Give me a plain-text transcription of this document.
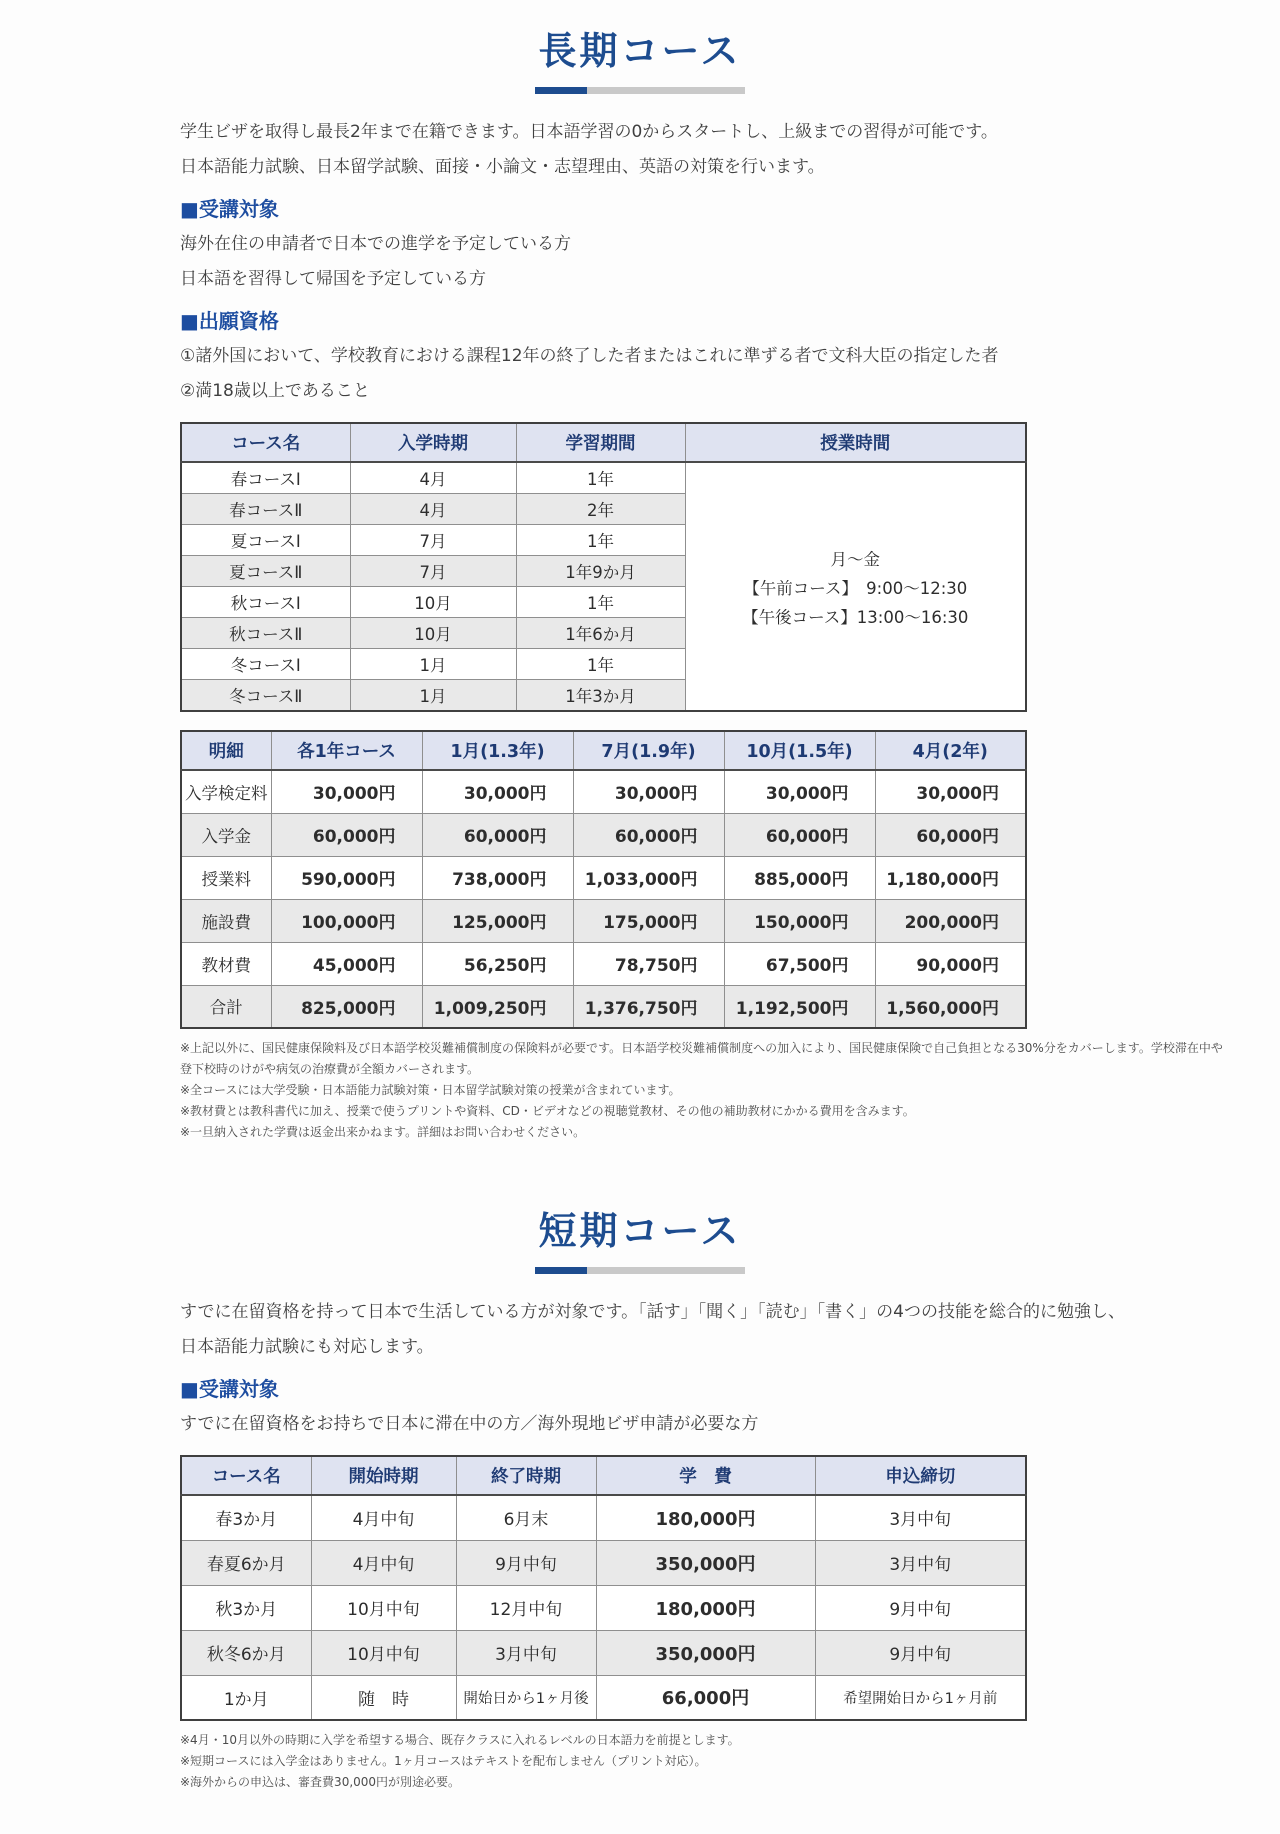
長期コース

学生ビザを取得し最長2年まで在籍できます。日本語学習の0からスタートし、上級までの習得が可能です。

日本語能力試験、日本留学試験、面接・小論文・志望理由、英語の対策を行います。

■受講対象

海外在住の申請者で日本での進学を予定している方

日本語を習得して帰国を予定している方

■出願資格

①諸外国において、学校教育における課程12年の終了した者またはこれに準ずる者で文科大臣の指定した者

②満18歳以上であること

コース名	入学時期	学習期間	授業時間
春コースⅠ	4月	1年	月～金
【午前コース】　9:00～12:30
【午後コース】13:00～16:30

春コースⅡ	4月	2年	
夏コースⅠ	7月	1年	
夏コースⅡ	7月	1年9か月	
秋コースⅠ	10月	1年	
秋コースⅡ	10月	1年6か月	
冬コースⅠ	1月	1年	
冬コースⅡ	1月	1年3か月	
明細	各1年コース	1月(1.3年)	7月(1.9年)	10月(1.5年)	4月(2年)
入学検定料	30,000円	30,000円	30,000円	30,000円	30,000円
入学金	60,000円	60,000円	60,000円	60,000円	60,000円
授業料	590,000円	738,000円	1,033,000円	885,000円	1,180,000円
施設費	100,000円	125,000円	175,000円	150,000円	200,000円
教材費	45,000円	56,250円	78,750円	67,500円	90,000円
合計	825,000円	1,009,250円	1,376,750円	1,192,500円	1,560,000円

※上記以外に、国民健康保険料及び日本語学校災難補償制度の保険料が必要です。日本語学校災難補償制度への加入により、国民健康保険で自己負担となる30%分をカバーします。学校滞在中や

登下校時のけがや病気の治療費が全額カバーされます。

※全コースには大学受験・日本語能力試験対策・日本留学試験対策の授業が含まれています。

※教材費とは教科書代に加え、授業で使うプリントや資料、CD・ビデオなどの視聴覚教材、その他の補助教材にかかる費用を含みます。

※一旦納入された学費は返金出来かねます。詳細はお問い合わせください。

短期コース

すでに在留資格を持って日本で生活している方が対象です。「話す」「聞く」「読む」「書く」の4つの技能を総合的に勉強し、

日本語能力試験にも対応します。

■受講対象

すでに在留資格をお持ちで日本に滞在中の方／海外現地ビザ申請が必要な方

コース名	開始時期	終了時期	学　費	申込締切
春3か月	4月中旬	6月末	180,000円	3月中旬
春夏6か月	4月中旬	9月中旬	350,000円	3月中旬
秋3か月	10月中旬	12月中旬	180,000円	9月中旬
秋冬6か月	10月中旬	3月中旬	350,000円	9月中旬
1か月	随　時	開始日から1ヶ月後	66,000円	希望開始日から1ヶ月前

※4月・10月以外の時期に入学を希望する場合、既存クラスに入れるレベルの日本語力を前提とします。

※短期コースには入学金はありません。1ヶ月コースはテキストを配布しません（プリント対応）。

※海外からの申込は、審査費30,000円が別途必要。
